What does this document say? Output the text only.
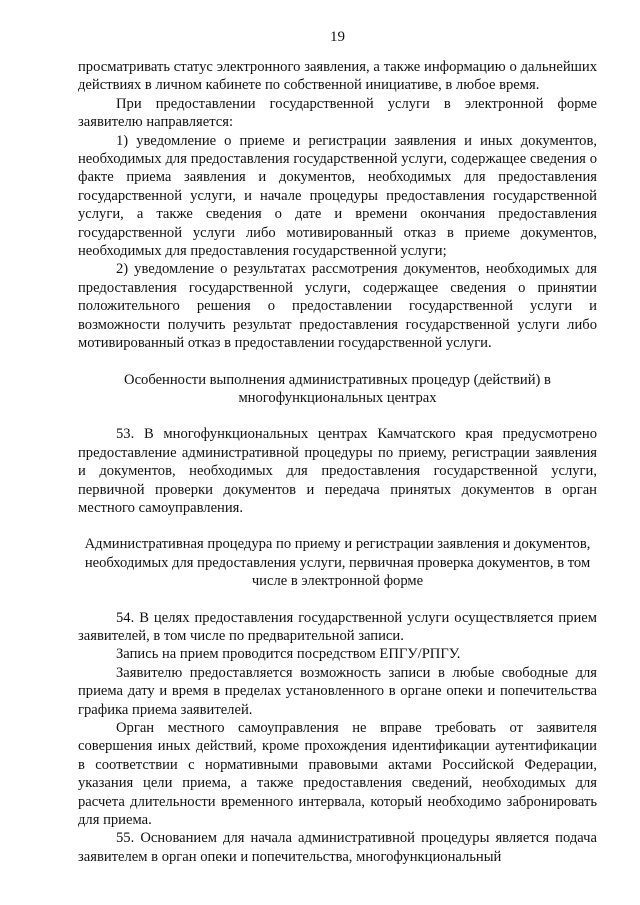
19

просматривать статус электронного заявления, а также информацию о дальнейших действиях в личном кабинете по собственной инициативе, в любое время.

При предоставлении государственной услуги в электронной форме заявителю направляется:

1) уведомление о приеме и регистрации заявления и иных документов, необходимых для предоставления государственной услуги, содержащее сведения о факте приема заявления и документов, необходимых для предоставления государственной услуги, и начале процедуры предоставления государственной услуги, а также сведения о дате и времени окончания предоставления государственной услуги либо мотивированный отказ в приеме документов, необходимых для предоставления государственной услуги;

2) уведомление о результатах рассмотрения документов, необходимых для предоставления государственной услуги, содержащее сведения о принятии положительного решения о предоставлении государственной услуги и возможности получить результат предоставления государственной услуги либо мотивированный отказ в предоставлении государственной услуги.

Особенности выполнения административных процедур (действий) в многофункциональных центрах

53. В многофункциональных центрах Камчатского края предусмотрено предоставление административной процедуры по приему, регистрации заявления и документов, необходимых для предоставления государственной услуги, первичной проверки документов и передача принятых документов в орган местного самоуправления.

Административная процедура по приему и регистрации заявления и документов, необходимых для предоставления услуги, первичная проверка документов, в том числе в электронной форме

54. В целях предоставления государственной услуги осуществляется прием заявителей, в том числе по предварительной записи.

Запись на прием проводится посредством ЕПГУ/РПГУ.

Заявителю предоставляется возможность записи в любые свободные для приема дату и время в пределах установленного в органе опеки и попечительства графика приема заявителей.

Орган местного самоуправления не вправе требовать от заявителя совершения иных действий, кроме прохождения идентификации аутентификации в соответствии с нормативными правовыми актами Российской Федерации, указания цели приема, а также предоставления сведений, необходимых для расчета длительности временного интервала, который необходимо забронировать для приема.

55. Основанием для начала административной процедуры является подача заявителем в орган опеки и попечительства, многофункциональный
